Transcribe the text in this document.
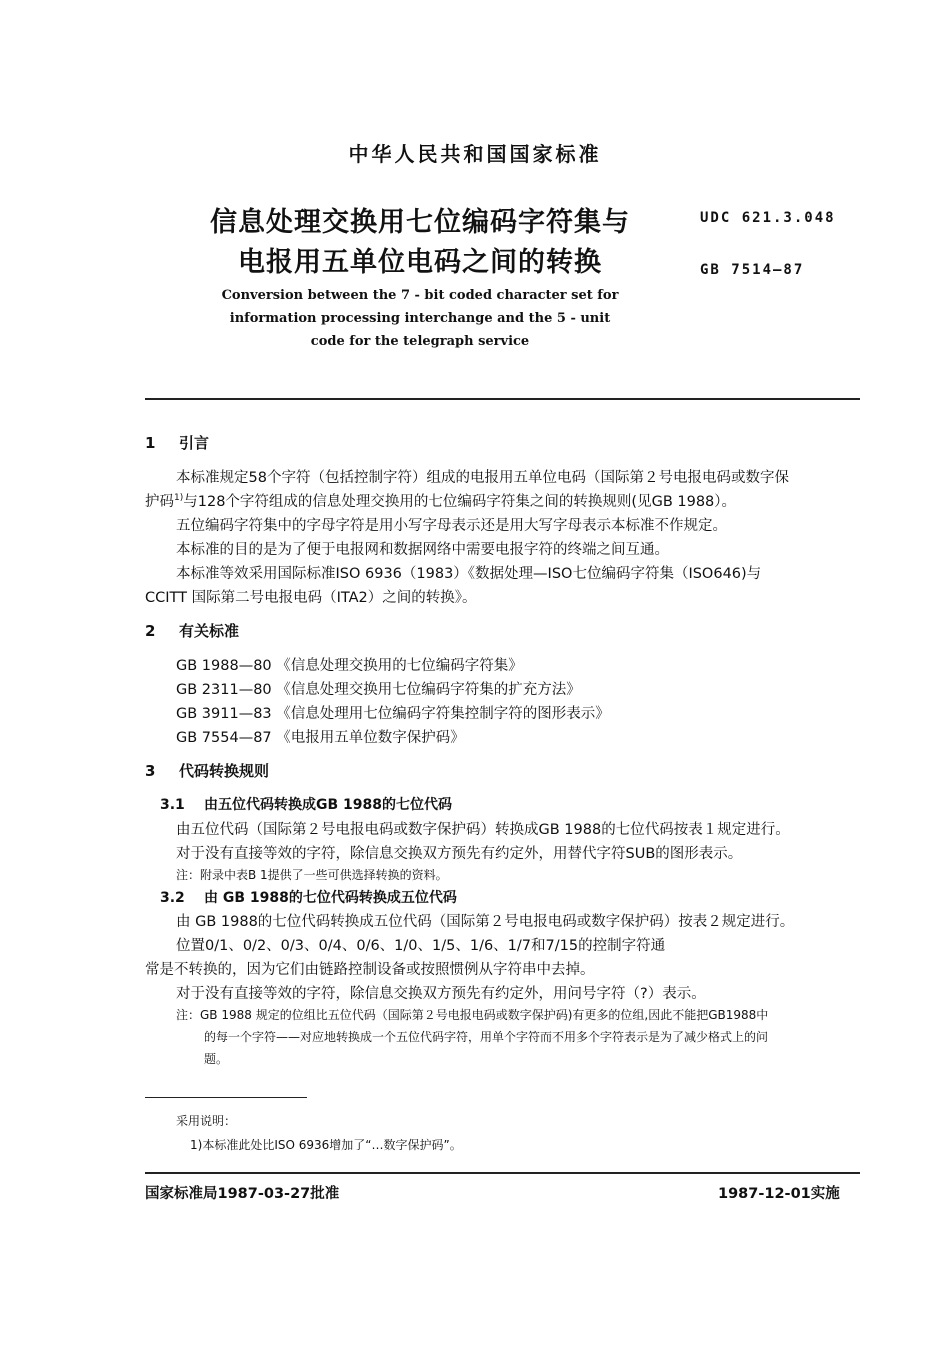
中华人民共和国国家标准
信息处理交换用七位编码字符集与
电报用五单位电码之间的转换
UDC 621.3.048
GB 7514—87
Conversion between the 7 - bit coded character set for
information processing interchange and the 5 - unit
code for the telegraph service
1 引言
本标准规定58个字符（包括控制字符）组成的电报用五单位电码（国际第２号电报电码或数字保
护码$^{1)}$与128个字符组成的信息处理交换用的七位编码字符集之间的转换规则(见GB 1988）。
五位编码字符集中的字母字符是用小写字母表示还是用大写字母表示本标准不作规定。
本标准的目的是为了便于电报网和数据网络中需要电报字符的终端之间互通。
本标准等效采用国际标准ISO 6936（1983）《数据处理—ISO七位编码字符集（ISO646)与
CCITT 国际第二号电报电码（ITA2）之间的转换》。
2 有关标准
GB 1988—80 《信息处理交换用的七位编码字符集》
GB 2311—80 《信息处理交换用七位编码字符集的扩充方法》
GB 3911—83 《信息处理用七位编码字符集控制字符的图形表示》
GB 7554—87 《电报用五单位数字保护码》
3 代码转换规则
3.1 由五位代码转换成GB 1988的七位代码
由五位代码（国际第２号电报电码或数字保护码）转换成GB 1988的七位代码按表１规定进行。
对于没有直接等效的字符，除信息交换双方预先有约定外，用替代字符SUB的图形表示。
注：附录中表B 1提供了一些可供选择转换的资料。
3.2 由 GB 1988的七位代码转换成五位代码
由 GB 1988的七位代码转换成五位代码（国际第２号电报电码或数字保护码）按表２规定进行。
位置0/1、0/2、0/3、0/4、0/6、1/0、1/5、1/6、1/7和7/15的控制字符通
常是不转换的，因为它们由链路控制设备或按照惯例从字符串中去掉。
对于没有直接等效的字符，除信息交换双方预先有约定外，用问号字符（?）表示。
注：GB 1988 规定的位组比五位代码（国际第２号电报电码或数字保护码)有更多的位组,因此不能把GB1988中
的每一个字符——对应地转换成一个五位代码字符，用单个字符而不用多个字符表示是为了减少格式上的问
题。
采用说明：
1)本标准此处比ISO 6936增加了“…数字保护码”。
国家标准局1987-03-27批准	1987-12-01实施
